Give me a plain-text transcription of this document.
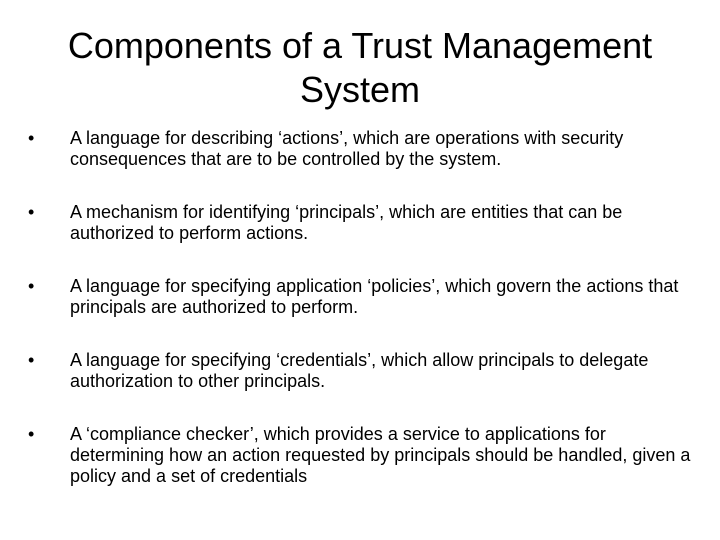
Components of a Trust Management System
•	A language for describing ‘actions’, which are operations with security consequences that are to be controlled by the system.
•	A mechanism for identifying ‘principals’, which are entities that can be authorized to perform actions.
•	A language for specifying application ‘policies’, which govern the actions that principals are authorized to perform.
•	A language for specifying ‘credentials’, which allow principals to delegate authorization to other principals.
•	A ‘compliance checker’, which provides a service to applications for determining how an action requested by principals should be handled, given a policy and a set of credentials
